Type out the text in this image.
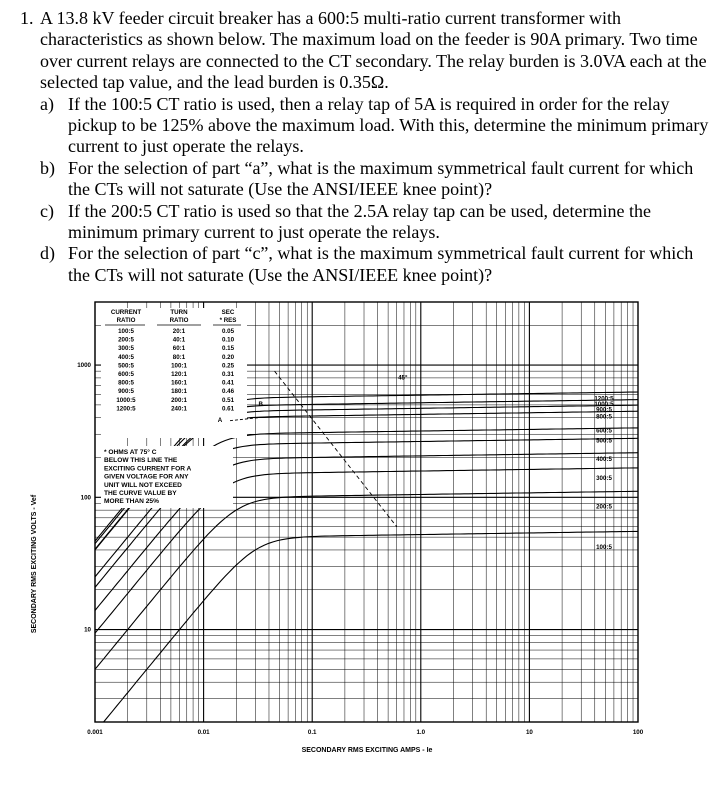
1. A 13.8 kV feeder circuit breaker has a 600:5 multi-ratio current transformer with characteristics as shown below. The maximum load on the feeder is 90A primary. Two time over current relays are connected to the CT secondary. The relay burden is 3.0VA each at the selected tap value, and the lead burden is 0.35Ω.
a) If the 100:5 CT ratio is used, then a relay tap of 5A is required in order for the relay pickup to be 125% above the maximum load. With this, determine the minimum primary current to just operate the relays.
b) For the selection of part “a”, what is the maximum symmetrical fault current for which the CTs will not saturate (Use the ANSI/IEEE knee point)?
c) If the 200:5 CT ratio is used so that the 2.5A relay tap can be used, determine the minimum primary current to just operate the relays.
d) For the selection of part “c”, what is the maximum symmetrical fault current for which the CTs will not saturate (Use the ANSI/IEEE knee point)?
1200:5
1000:5
900:5
800:5
600:5
500:5
400:5
300:5
200:5
100:5
0.001	0.01	0.1	1.0	10	100
10
100
1000
CURRENT
RATIO
TURN
RATIO
SEC
* RES
100:5	20:1	0.05
200:5	40:1	0.10
300:5	60:1	0.15
400:5	80:1	0.20
500:5	100:1	0.25
600:5	120:1	0.31
800:5	160:1	0.41
900:5	180:1	0.46
1000:5	200:1	0.51
1200:5	240:1	0.61
* OHMS AT 75° C
BELOW THIS LINE THE
EXCITING CURRENT FOR A
GIVEN VOLTAGE FOR ANY
UNIT WILL NOT EXCEED
THE CURVE VALUE BY
MORE THAN 25%
45°
A
B
SECONDARY RMS EXCITING AMPS - Ie
SECONDARY RMS EXCITING VOLTS - Vef
